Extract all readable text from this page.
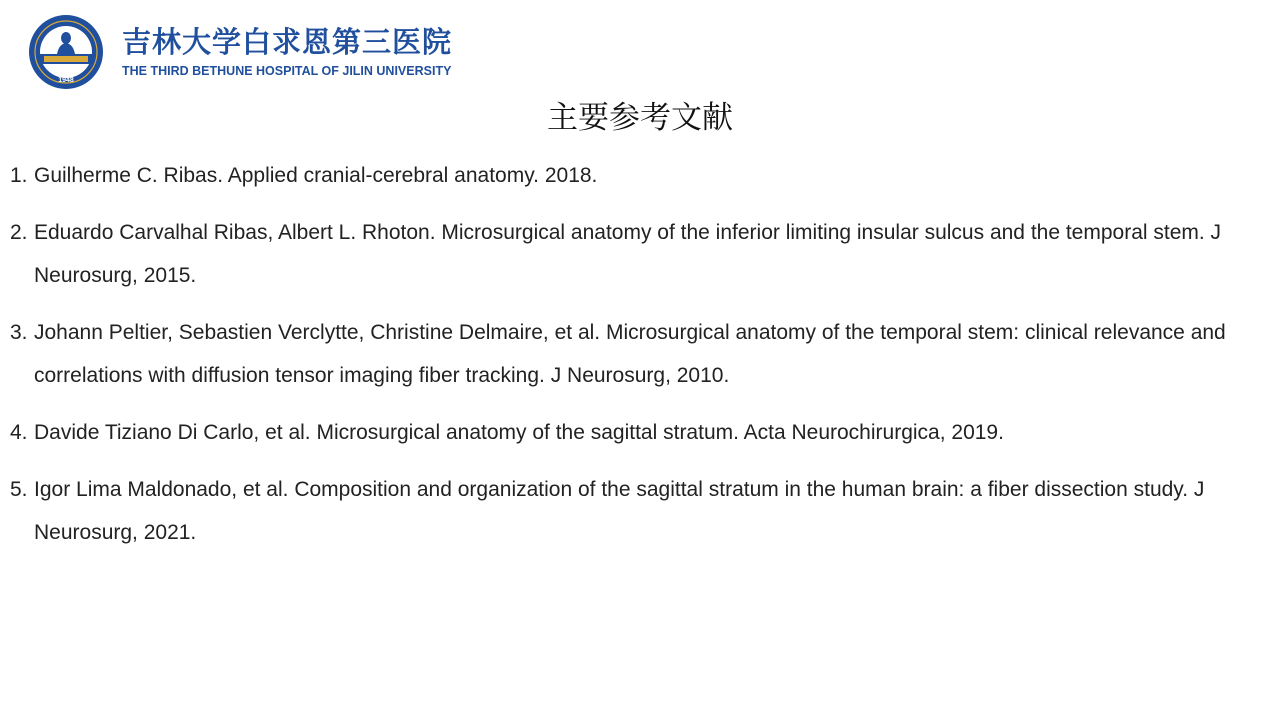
1948
吉林大学白求恩第三医院
THE THIRD BETHUNE HOSPITAL OF JILIN UNIVERSITY
主要参考文献
1. Guilherme C. Ribas. Applied cranial-cerebral anatomy. 2018.
2. Eduardo Carvalhal Ribas, Albert L. Rhoton. Microsurgical anatomy of the inferior limiting insular sulcus and the temporal stem. J Neurosurg, 2015.
3. Johann Peltier, Sebastien Verclytte, Christine Delmaire, et al. Microsurgical anatomy of the temporal stem: clinical relevance and correlations with diffusion tensor imaging fiber tracking. J Neurosurg, 2010.
4. Davide Tiziano Di Carlo, et al. Microsurgical anatomy of the sagittal stratum. Acta Neurochirurgica, 2019.
5. Igor Lima Maldonado, et al. Composition and organization of the sagittal stratum in the human brain: a fiber dissection study. J Neurosurg, 2021.
